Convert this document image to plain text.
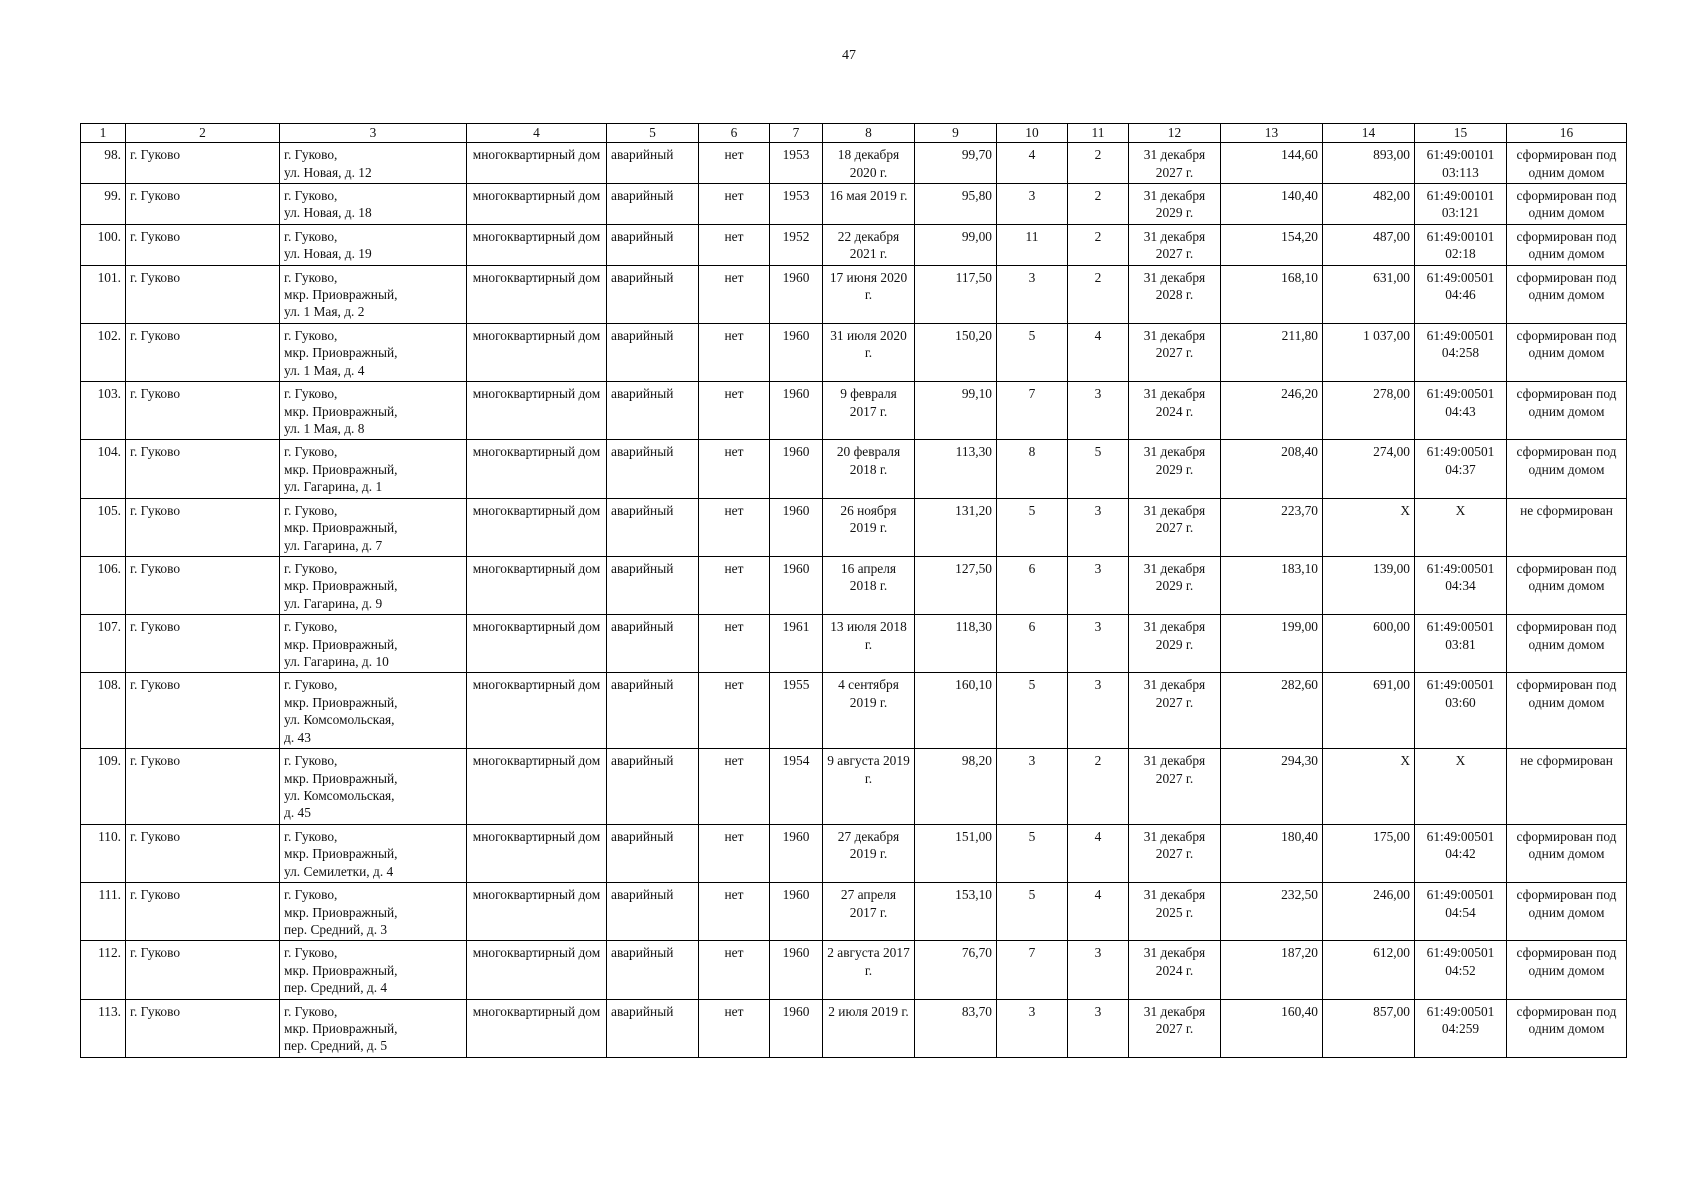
47
1	2	3	4	5	6	7	8	9	10	11	12	13	14	15	16
98.	г. Гуково	г. Гуково,
ул. Новая, д. 12	многоквартирный дом	аварийный	нет	1953	18 декабря 2020 г.	99,70	4	2	31 декабря 2027 г.	144,60	893,00	61:49:00101 03:113	сформирован под одним домом
99.	г. Гуково	г. Гуково,
ул. Новая, д. 18	многоквартирный дом	аварийный	нет	1953	16 мая 2019 г.	95,80	3	2	31 декабря 2029 г.	140,40	482,00	61:49:00101 03:121	сформирован под одним домом
100.	г. Гуково	г. Гуково,
ул. Новая, д. 19	многоквартирный дом	аварийный	нет	1952	22 декабря 2021 г.	99,00	11	2	31 декабря 2027 г.	154,20	487,00	61:49:00101 02:18	сформирован под одним домом
101.	г. Гуково	г. Гуково,
мкр. Приовражный,
ул. 1 Мая, д. 2	многоквартирный дом	аварийный	нет	1960	17 июня 2020 г.	117,50	3	2	31 декабря 2028 г.	168,10	631,00	61:49:00501 04:46	сформирован под одним домом
102.	г. Гуково	г. Гуково,
мкр. Приовражный,
ул. 1 Мая, д. 4	многоквартирный дом	аварийный	нет	1960	31 июля 2020 г.	150,20	5	4	31 декабря 2027 г.	211,80	1 037,00	61:49:00501 04:258	сформирован под одним домом
103.	г. Гуково	г. Гуково,
мкр. Приовражный,
ул. 1 Мая, д. 8	многоквартирный дом	аварийный	нет	1960	9 февраля 2017 г.	99,10	7	3	31 декабря 2024 г.	246,20	278,00	61:49:00501 04:43	сформирован под одним домом
104.	г. Гуково	г. Гуково,
мкр. Приовражный,
ул. Гагарина, д. 1	многоквартирный дом	аварийный	нет	1960	20 февраля 2018 г.	113,30	8	5	31 декабря 2029 г.	208,40	274,00	61:49:00501 04:37	сформирован под одним домом
105.	г. Гуково	г. Гуково,
мкр. Приовражный,
ул. Гагарина, д. 7	многоквартирный дом	аварийный	нет	1960	26 ноября 2019 г.	131,20	5	3	31 декабря 2027 г.	223,70	Х	Х	не сформирован
106.	г. Гуково	г. Гуково,
мкр. Приовражный,
ул. Гагарина, д. 9	многоквартирный дом	аварийный	нет	1960	16 апреля 2018 г.	127,50	6	3	31 декабря 2029 г.	183,10	139,00	61:49:00501 04:34	сформирован под одним домом
107.	г. Гуково	г. Гуково,
мкр. Приовражный,
ул. Гагарина, д. 10	многоквартирный дом	аварийный	нет	1961	13 июля 2018 г.	118,30	6	3	31 декабря 2029 г.	199,00	600,00	61:49:00501 03:81	сформирован под одним домом
108.	г. Гуково	г. Гуково,
мкр. Приовражный,
ул. Комсомольская,
д. 43	многоквартирный дом	аварийный	нет	1955	4 сентября 2019 г.	160,10	5	3	31 декабря 2027 г.	282,60	691,00	61:49:00501 03:60	сформирован под одним домом
109.	г. Гуково	г. Гуково,
мкр. Приовражный,
ул. Комсомольская,
д. 45	многоквартирный дом	аварийный	нет	1954	9 августа 2019 г.	98,20	3	2	31 декабря 2027 г.	294,30	Х	Х	не сформирован
110.	г. Гуково	г. Гуково,
мкр. Приовражный,
ул. Семилетки, д. 4	многоквартирный дом	аварийный	нет	1960	27 декабря 2019 г.	151,00	5	4	31 декабря 2027 г.	180,40	175,00	61:49:00501 04:42	сформирован под одним домом
111.	г. Гуково	г. Гуково,
мкр. Приовражный,
пер. Средний, д. 3	многоквартирный дом	аварийный	нет	1960	27 апреля 2017 г.	153,10	5	4	31 декабря 2025 г.	232,50	246,00	61:49:00501 04:54	сформирован под одним домом
112.	г. Гуково	г. Гуково,
мкр. Приовражный,
пер. Средний, д. 4	многоквартирный дом	аварийный	нет	1960	2 августа 2017 г.	76,70	7	3	31 декабря 2024 г.	187,20	612,00	61:49:00501 04:52	сформирован под одним домом
113.	г. Гуково	г. Гуково,
мкр. Приовражный,
пер. Средний, д. 5	многоквартирный дом	аварийный	нет	1960	2 июля 2019 г.	83,70	3	3	31 декабря 2027 г.	160,40	857,00	61:49:00501 04:259	сформирован под одним домом
